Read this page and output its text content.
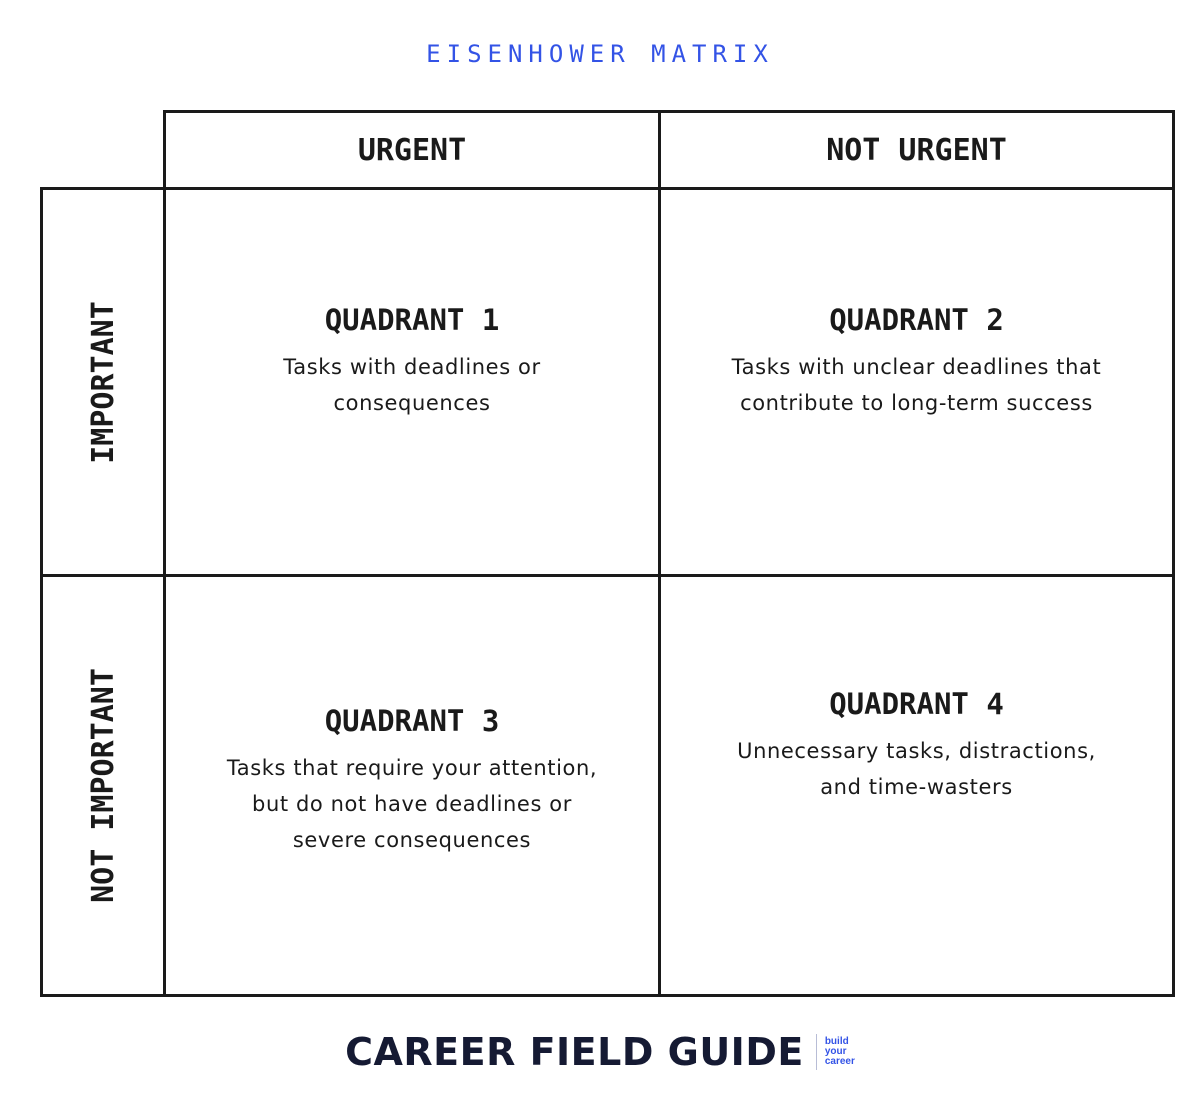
EISENHOWER MATRIX
URGENT	NOT URGENT
IMPORTANT
NOT IMPORTANT
QUADRANT 1
Tasks with deadlines or
consequences
QUADRANT 2
Tasks with unclear deadlines that
contribute to long-term success
QUADRANT 3
Tasks that require your attention,
but do not have deadlines or
severe consequences
QUADRANT 4
Unnecessary tasks, distractions,
and time-wasters
CAREER FIELD GUIDE build
your
career
